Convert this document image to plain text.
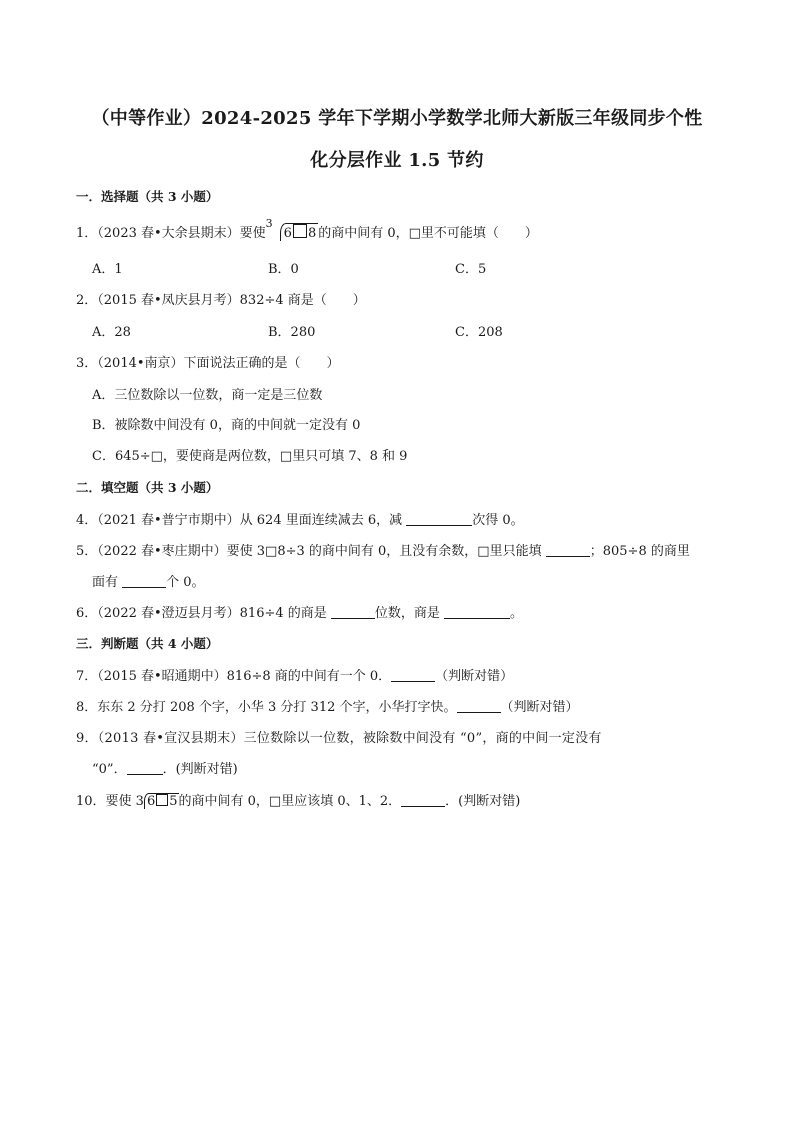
（中等作业）2024-2025 学年下学期小学数学北师大新版三年级同步个性
化分层作业 1.5 节约
一．选择题（共 3 小题）
1．（2023 春•大余县期末）要使
3
6 8 的商中间有 0，□里不可能填（　　）
A．1	B．0	C．5
2．（2015 春•凤庆县月考）832÷4 商是（　　）
A．28	B．280	C．208
3．（2014•南京）下面说法正确的是（　　）
A．三位数除以一位数，商一定是三位数
B．被除数中间没有 0，商的中间就一定没有 0
C．645÷□，要使商是两位数，□里只可填 7、8 和 9
二．填空题（共 3 小题）
4．（2021 春•普宁市期中）从 624 里面连续减去 6，减	次得 0。
5．（2022 春•枣庄期中）要使 3□8÷3 的商中间有 0，且没有余数，□里只能填	；805÷8 的商里
面有	个 0。
6．（2022 春•澄迈县月考）816÷4 的商是	位数，商是	。
三．判断题（共 4 小题）
7．（2015 春•昭通期中）816÷8 商的中间有一个 0．	（判断对错）
8．东东 2 分打 208 个字，小华 3 分打 312 个字，小华打字快。	（判断对错）
9．（2013 春•宣汉县期末）三位数除以一位数，被除数中间没有 “0”，商的中间一定没有
“0”．	．(判断对错)
10．要使 3 6 5的商中间有 0，□里应该填 0、1、2．	．(判断对错)
